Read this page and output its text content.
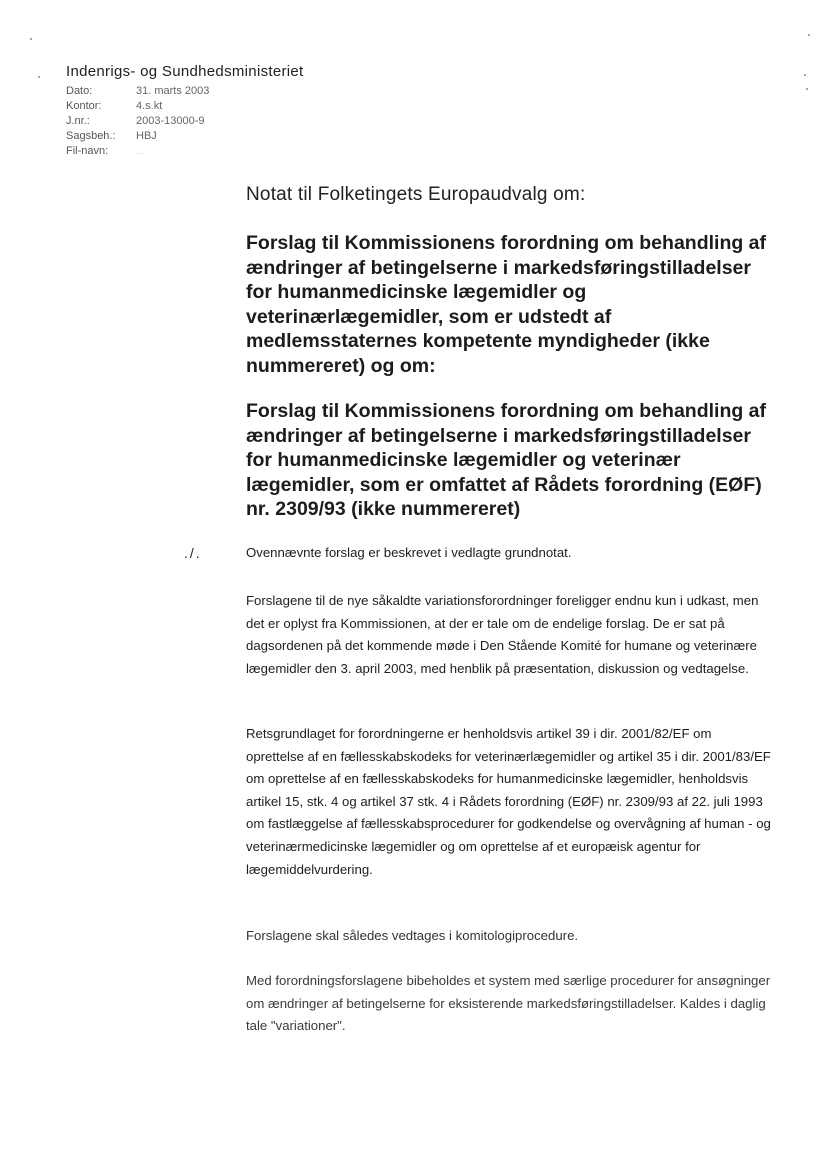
Indenrigs- og Sundhedsministeriet
Dato:	31. marts 2003
Kontor:	4.s.kt
J.nr.:	2003-13000-9
Sagsbeh.:	HBJ
Fil-navn:	...
Notat til Folketingets Europaudvalg om:

Forslag til Kommissionens forordning om behandling af ændringer af betingelserne i markedsføringstilladelser for humanmedicinske lægemidler og veterinærlægemidler, som er udstedt af medlemsstaternes kompetente myndigheder (ikke nummereret) og om:

Forslag til Kommissionens forordning om behandling af ændringer af betingelserne i markedsføringstilladelser for humanmedicinske lægemidler og veterinær lægemidler, som er omfattet af Rådets forordning (EØF) nr. 2309/93 (ikke nummereret)

./.	Ovennævnte forslag er beskrevet i vedlagte grundnotat.

Forslagene til de nye såkaldte variationsforordninger foreligger endnu kun i udkast, men det er oplyst fra Kommissionen, at der er tale om de endelige forslag. De er sat på dagsordenen på det kommende møde i Den Stående Komité for humane og veterinære lægemidler den 3. april 2003, med henblik på præsentation, diskussion og vedtagelse.

Retsgrundlaget for forordningerne er henholdsvis artikel 39 i dir. 2001/82/EF om oprettelse af en fællesskabskodeks for veterinærlægemidler og artikel 35 i dir. 2001/83/EF om oprettelse af en fællesskabskodeks for humanmedicinske lægemidler, henholdsvis artikel 15, stk. 4 og artikel 37 stk. 4 i Rådets forordning (EØF) nr. 2309/93 af 22. juli 1993 om fastlæggelse af fællesskabsprocedurer for godkendelse og overvågning af human - og veterinærmedicinske lægemidler og om oprettelse af et europæisk agentur for lægemiddelvurdering.

Forslagene skal således vedtages i komitologiprocedure.

Med forordningsforslagene bibeholdes et system med særlige procedurer for ansøgninger om ændringer af betingelserne for eksisterende markedsføringstilladelser. Kaldes i daglig tale "variationer".
